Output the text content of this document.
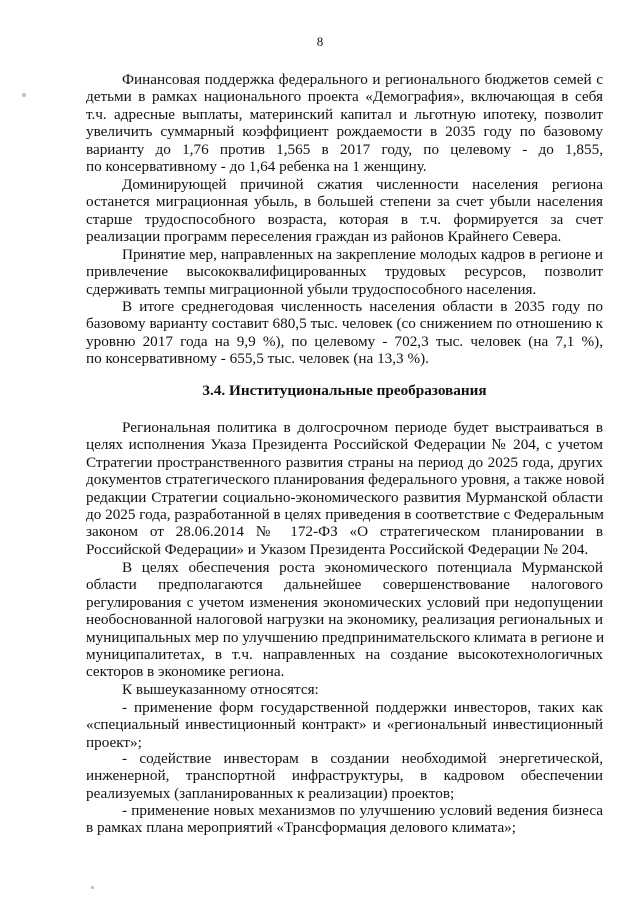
8
Финансовая поддержка федерального и регионального бюджетов семей с
детьми в рамках национального проекта «Демография», включающая в себя
т.ч. адресные выплаты, материнский капитал и льготную ипотеку, позволит
увеличить суммарный коэффициент рождаемости в 2035 году по базовому
варианту до 1,76 против 1,565 в 2017 году, по целевому - до 1,855,
по консервативному - до 1,64 ребенка на 1 женщину.
Доминирующей причиной сжатия численности населения региона
останется миграционная убыль, в большей степени за счет убыли населения
старше трудоспособного возраста, которая в т.ч. формируется за счет
реализации программ переселения граждан из районов Крайнего Севера.
Принятие мер, направленных на закрепление молодых кадров в регионе и
привлечение высококвалифицированных трудовых ресурсов, позволит
сдерживать темпы миграционной убыли трудоспособного населения.
В итоге среднегодовая численность населения области в 2035 году по
базовому варианту составит 680,5 тыс. человек (со снижением по отношению к
уровню 2017 года на 9,9 %), по целевому - 702,3 тыс. человек (на 7,1 %),
по консервативному - 655,5 тыс. человек (на 13,3 %).
3.4. Институциональные преобразования
Региональная политика в долгосрочном периоде будет выстраиваться в
целях исполнения Указа Президента Российской Федерации № 204, с учетом
Стратегии пространственного развития страны на период до 2025 года, других
документов стратегического планирования федерального уровня, а также новой
редакции Стратегии социально-экономического развития Мурманской области
до 2025 года, разработанной в целях приведения в соответствие с Федеральным
законом от 28.06.2014 № 172-ФЗ «О стратегическом планировании в
Российской Федерации» и Указом Президента Российской Федерации № 204.
В целях обеспечения роста экономического потенциала Мурманской
области предполагаются дальнейшее совершенствование налогового
регулирования с учетом изменения экономических условий при недопущении
необоснованной налоговой нагрузки на экономику, реализация региональных и
муниципальных мер по улучшению предпринимательского климата в регионе и
муниципалитетах, в т.ч. направленных на создание высокотехнологичных
секторов в экономике региона.
К вышеуказанному относятся:
- применение форм государственной поддержки инвесторов, таких как
«специальный инвестиционный контракт» и «региональный инвестиционный
проект»;
- содействие инвесторам в создании необходимой энергетической,
инженерной, транспортной инфраструктуры, в кадровом обеспечении
реализуемых (запланированных к реализации) проектов;
- применение новых механизмов по улучшению условий ведения бизнеса
в рамках плана мероприятий «Трансформация делового климата»;
